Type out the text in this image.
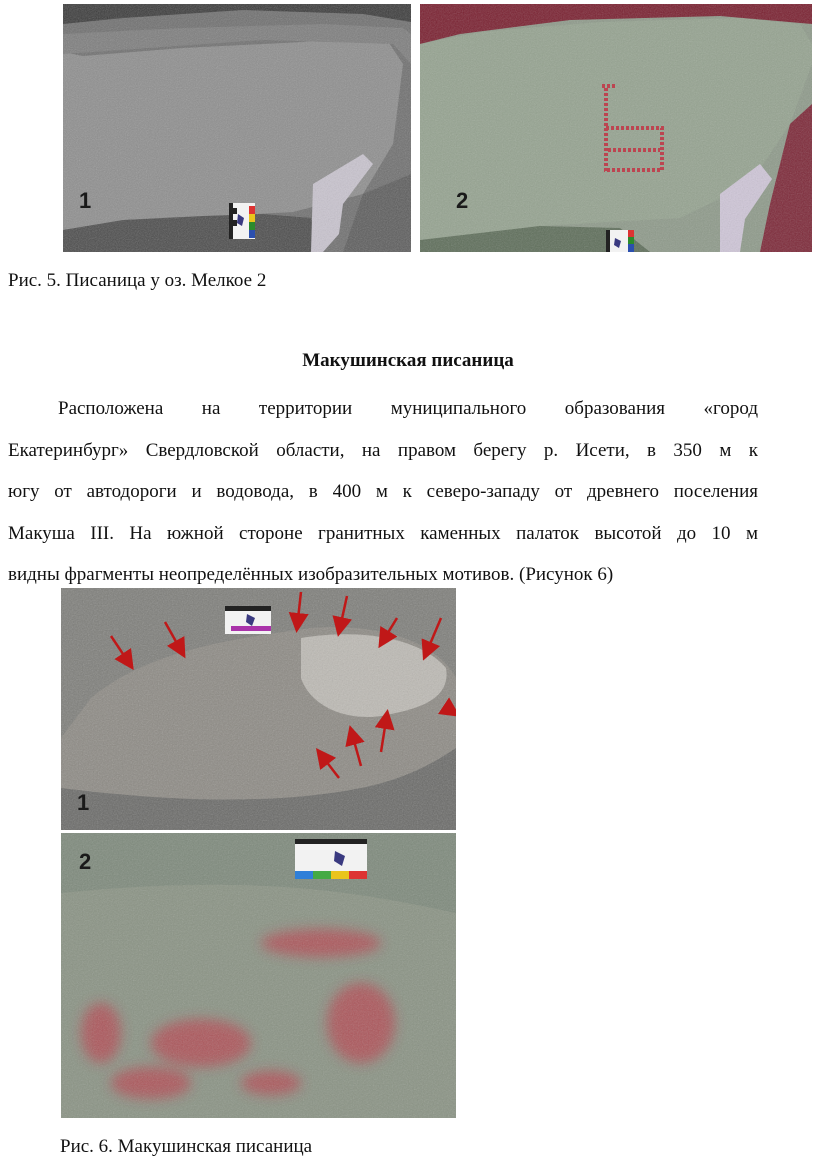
1	2
Рис. 5. Писаница у оз. Мелкое 2
Макушинская писаница
Расположена на территории муниципального образования «город
Екатеринбург» Свердловской области, на правом берегу р. Исети, в 350 м к
югу от автодороги и водовода, в 400 м к северо-западу от древнего поселения
Макуша III. На южной стороне гранитных каменных палаток высотой до 10 м
видны фрагменты неопределённых изобразительных мотивов. (Рисунок 6)
1
2
Рис. 6. Макушинская писаница
